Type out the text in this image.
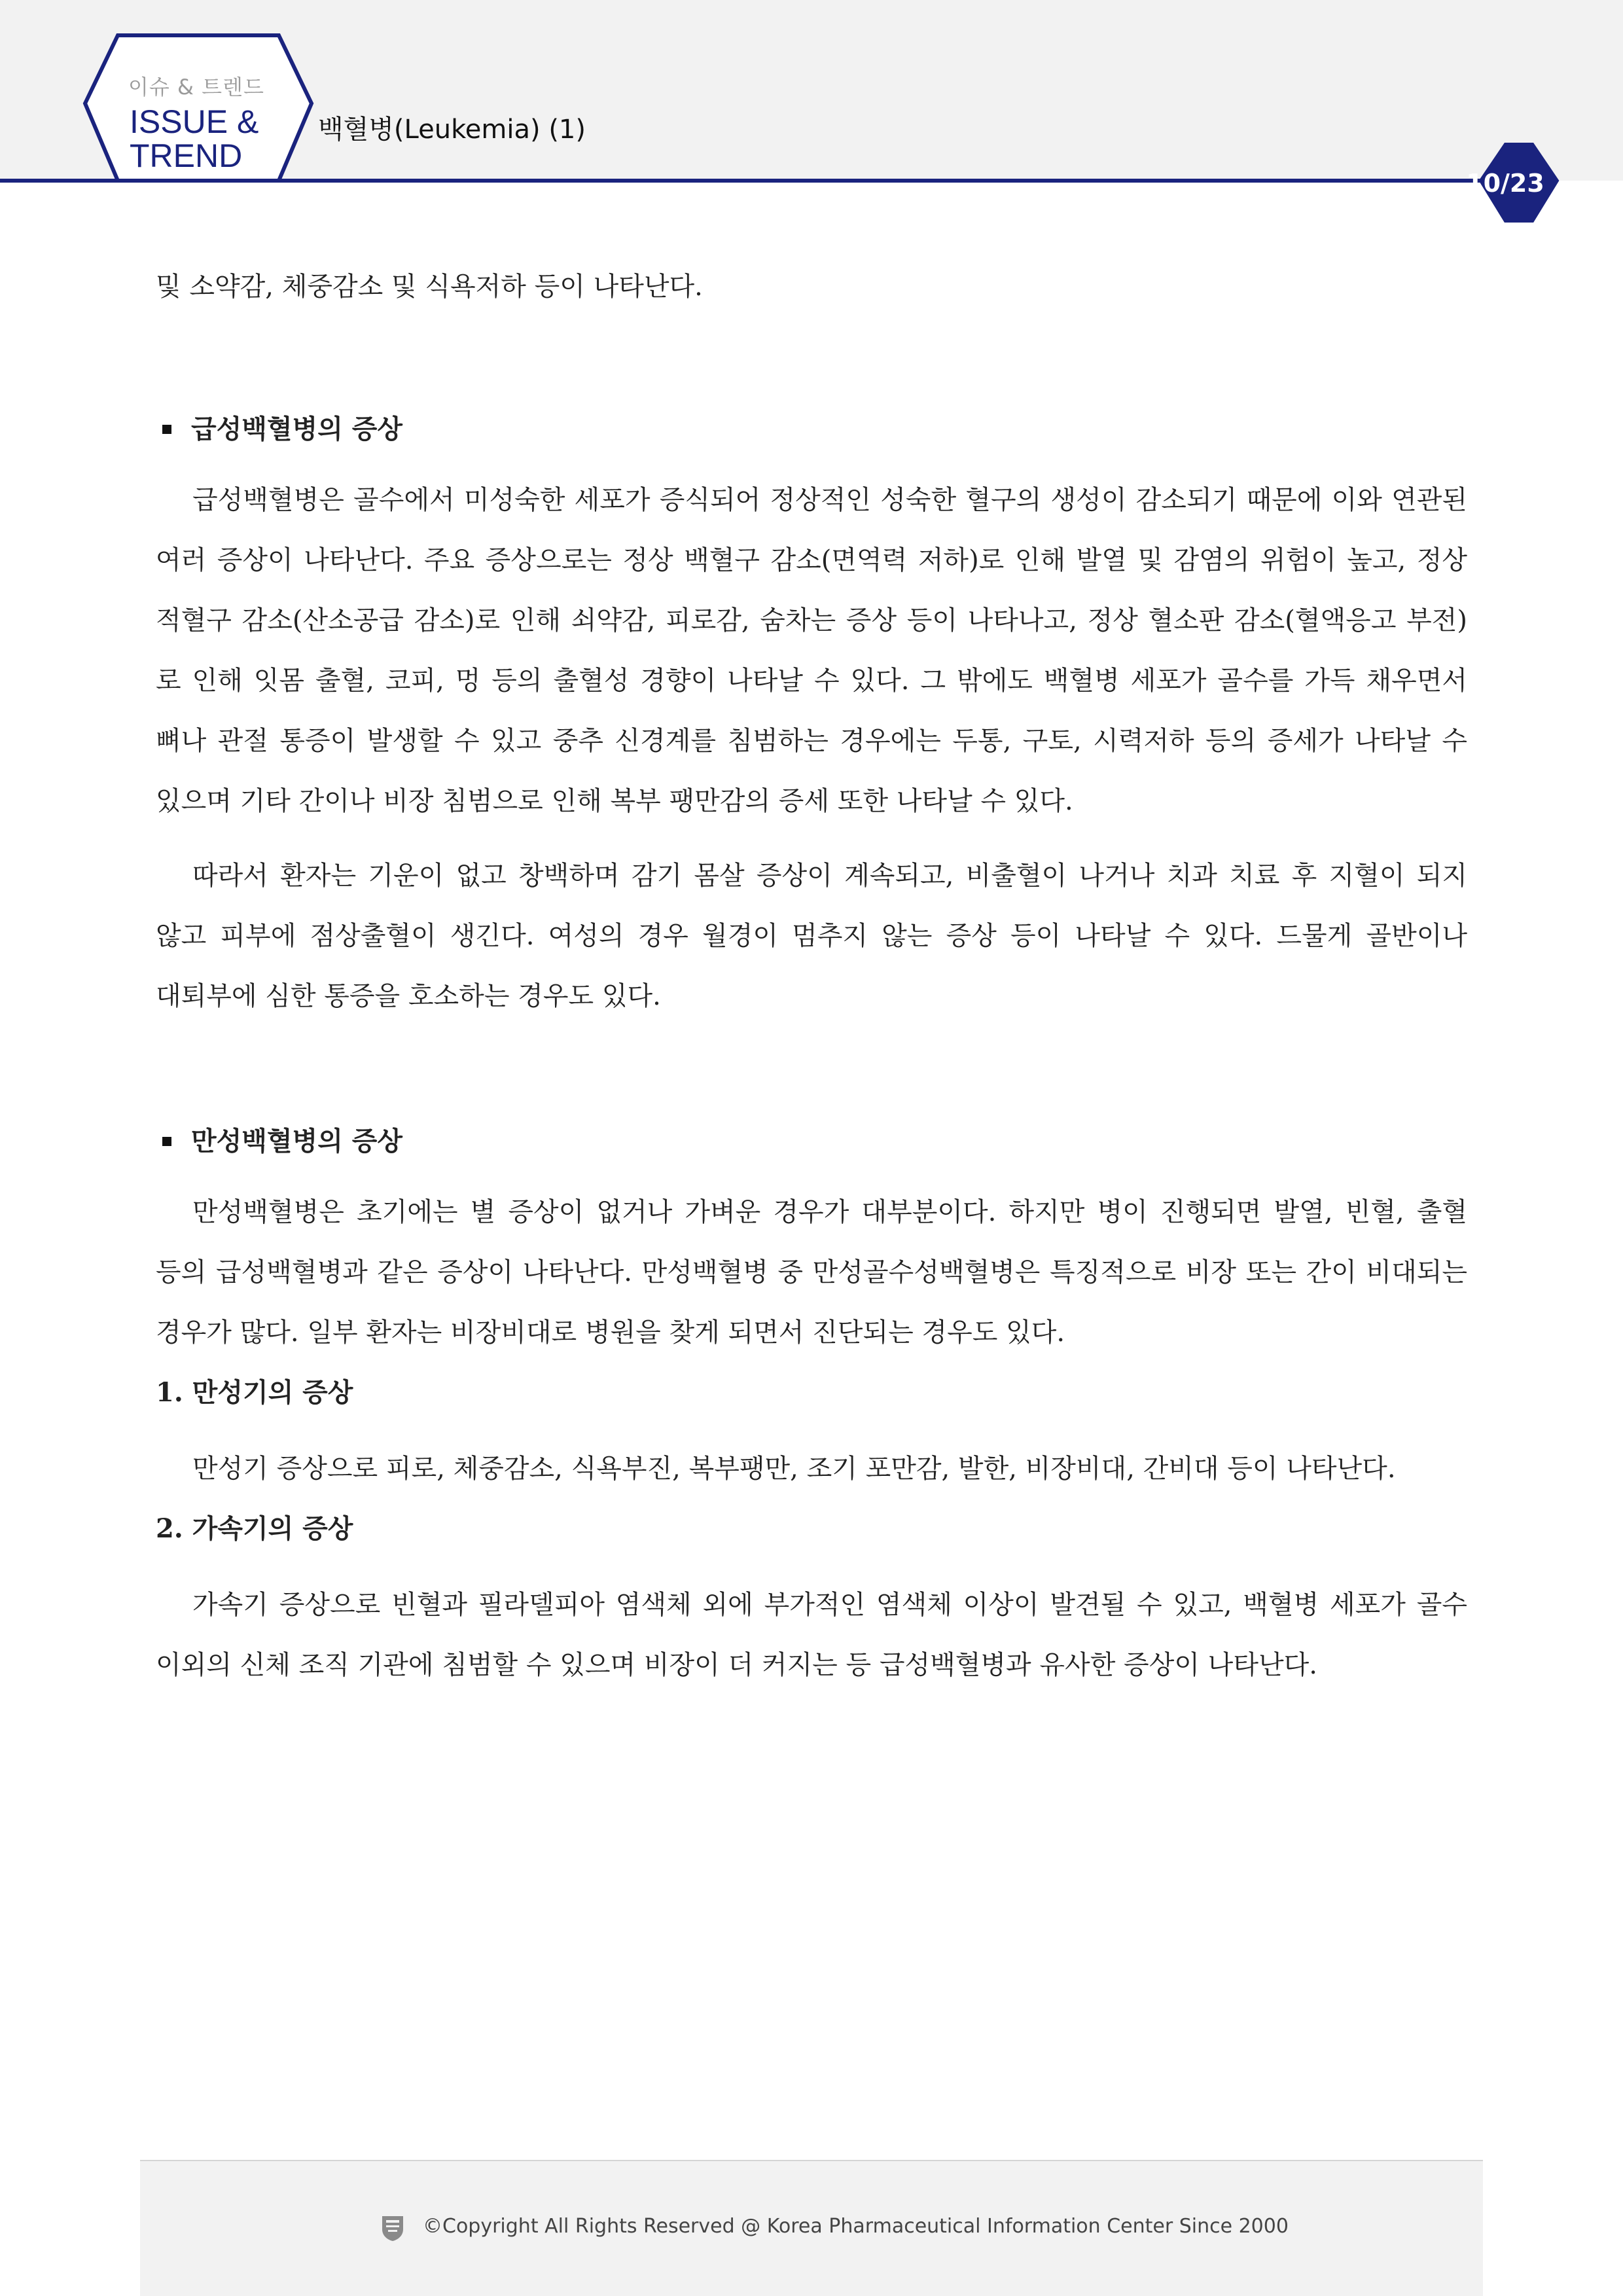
이슈 & 트렌드
ISSUE &
TREND
백혈병(Leukemia) (1)
10/23

및 소약감, 체중감소 및 식욕저하 등이 나타난다.

급성백혈병의 증상

급성백혈병은 골수에서 미성숙한 세포가 증식되어 정상적인 성숙한 혈구의 생성이 감소되기 때문에 이와 연관된 여러 증상이 나타난다. 주요 증상으로는 정상 백혈구 감소(면역력 저하)로 인해 발열 및 감염의 위험이 높고, 정상 적혈구 감소(산소공급 감소)로 인해 쇠약감, 피로감, 숨차는 증상 등이 나타나고, 정상 혈소판 감소(혈액응고 부전)로 인해 잇몸 출혈, 코피, 멍 등의 출혈성 경향이 나타날 수 있다. 그 밖에도 백혈병 세포가 골수를 가득 채우면서 뼈나 관절 통증이 발생할 수 있고 중추 신경계를 침범하는 경우에는 두통, 구토, 시력저하 등의 증세가 나타날 수 있으며 기타 간이나 비장 침범으로 인해 복부 팽만감의 증세 또한 나타날 수 있다.

따라서 환자는 기운이 없고 창백하며 감기 몸살 증상이 계속되고, 비출혈이 나거나 치과 치료 후 지혈이 되지 않고 피부에 점상출혈이 생긴다. 여성의 경우 월경이 멈추지 않는 증상 등이 나타날 수 있다. 드물게 골반이나 대퇴부에 심한 통증을 호소하는 경우도 있다.

만성백혈병의 증상

만성백혈병은 초기에는 별 증상이 없거나 가벼운 경우가 대부분이다. 하지만 병이 진행되면 발열, 빈혈, 출혈 등의 급성백혈병과 같은 증상이 나타난다. 만성백혈병 중 만성골수성백혈병은 특징적으로 비장 또는 간이 비대되는 경우가 많다. 일부 환자는 비장비대로 병원을 찾게 되면서 진단되는 경우도 있다.

1. 만성기의 증상

만성기 증상으로 피로, 체중감소, 식욕부진, 복부팽만, 조기 포만감, 발한, 비장비대, 간비대 등이 나타난다.

2. 가속기의 증상

가속기 증상으로 빈혈과 필라델피아 염색체 외에 부가적인 염색체 이상이 발견될 수 있고, 백혈병 세포가 골수 이외의 신체 조직 기관에 침범할 수 있으며 비장이 더 커지는 등 급성백혈병과 유사한 증상이 나타난다.

©Copyright All Rights Reserved @ Korea Pharmaceutical Information Center Since 2000
